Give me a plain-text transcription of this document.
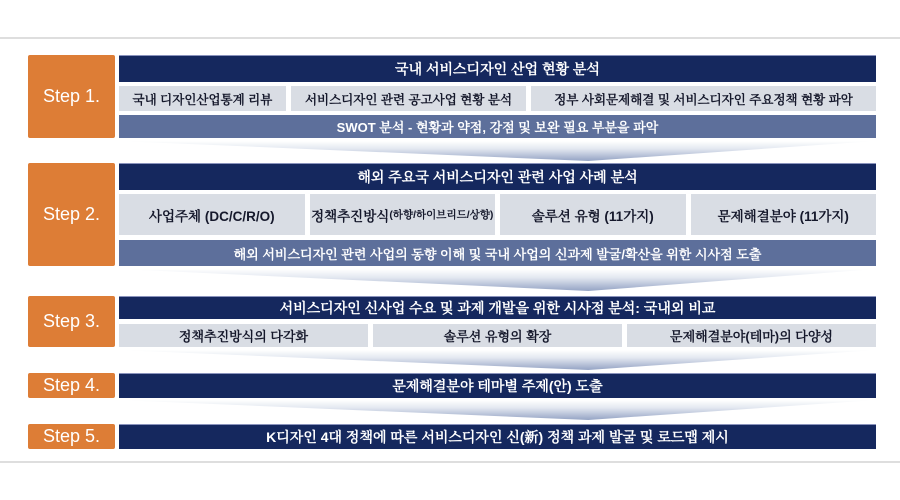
Step 1.
국내 서비스디자인 산업 현황 분석
국내 디자인산업통계 리뷰	서비스디자인 관련 공고사업 현황 분석	정부 사회문제해결 및 서비스디자인 주요정책 현황 파악
SWOT 분석 - 현황과 약점, 강점 및 보완 필요 부분을 파악
Step 2.
해외 주요국 서비스디자인 관련 사업 사례 분석
사업주체 (DC/C/R/O)	정책추진방식 (하향/하이브리드/상향)	솔루션 유형 (11가지)	문제해결분야 (11가지)
해외 서비스디자인 관련 사업의 동향 이해 및 국내 사업의 신과제 발굴/확산을 위한 시사점 도출
Step 3.
서비스디자인 신사업 수요 및 과제 개발을 위한 시사점 분석: 국내외 비교
정책추진방식의 다각화	솔루션 유형의 확장	문제해결분야(테마)의 다양성
Step 4.	문제해결분야 테마별 주제(안) 도출
Step 5.	K디자인 4대 정책에 따른 서비스디자인 신(新) 정책 과제 발굴 및 로드맵 제시
